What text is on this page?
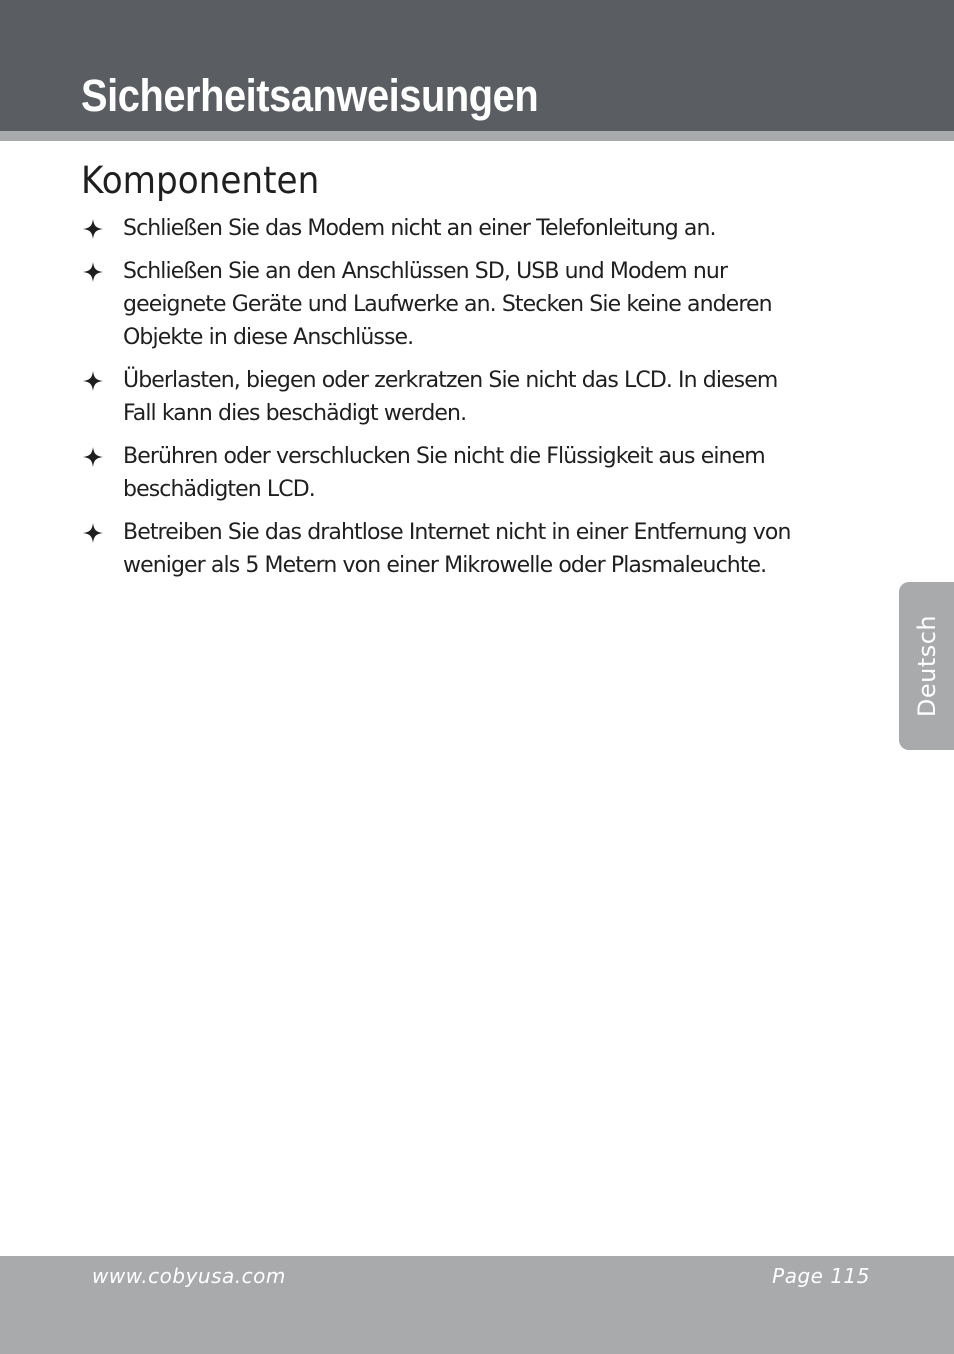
Sicherheitsanweisungen
Komponenten
Schließen Sie das Modem nicht an einer Telefonleitung an.
Schließen Sie an den Anschlüssen SD, USB und Modem nur
geeignete Geräte und Laufwerke an. Stecken Sie keine anderen
Objekte in diese Anschlüsse.
Überlasten, biegen oder zerkratzen Sie nicht das LCD. In diesem
Fall kann dies beschädigt werden.
Berühren oder verschlucken Sie nicht die Flüssigkeit aus einem
beschädigten LCD.
Betreiben Sie das drahtlose Internet nicht in einer Entfernung von
weniger als 5 Metern von einer Mikrowelle oder Plasmaleuchte.
Deutsch
www.cobyusa.com	Page 115
